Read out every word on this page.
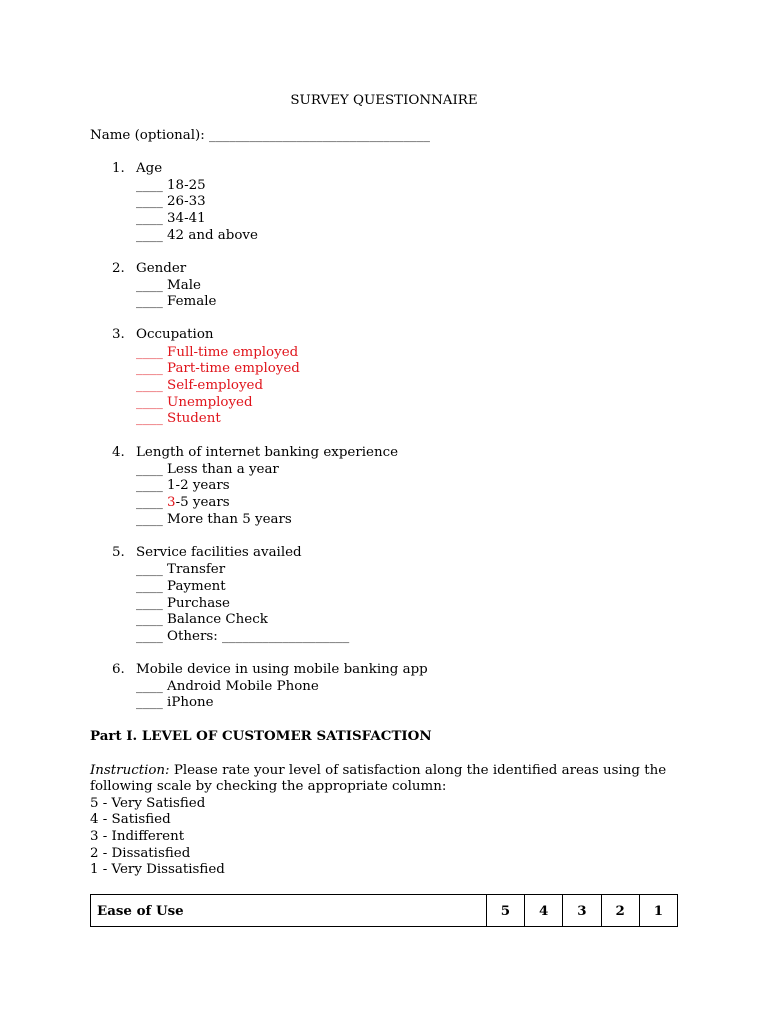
SURVEY QUESTIONNAIRE
Name (optional): _________________________________
1. Age
____ 18-25
____ 26-33
____ 34-41
____ 42 and above
2. Gender
____ Male
____ Female
3. Occupation
____ Full-time employed
____ Part-time employed
____ Self-employed
____ Unemployed
____ Student
4. Length of internet banking experience
____ Less than a year
____ 1-2 years
____ 3-5 years
____ More than 5 years
5. Service facilities availed
____ Transfer
____ Payment
____ Purchase
____ Balance Check
____ Others: ___________________
6. Mobile device in using mobile banking app
____ Android Mobile Phone
____ iPhone
Part I. LEVEL OF CUSTOMER SATISFACTION
Instruction: Please rate your level of satisfaction along the identified areas using the
following scale by checking the appropriate column:
5 - Very Satisfied
4 - Satisfied
3 - Indifferent
2 - Dissatisfied
1 - Very Dissatisfied
Ease of Use	5	4	3	2	1
